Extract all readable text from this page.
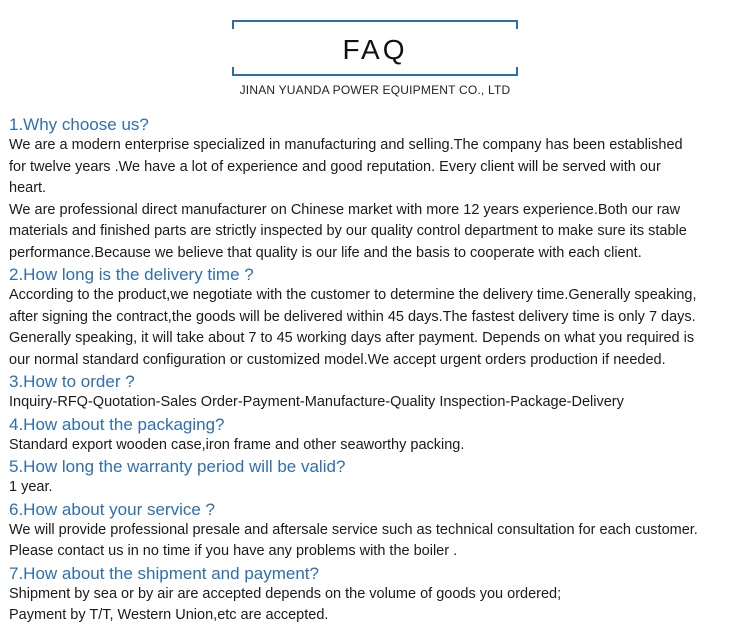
FAQ
JINAN YUANDA POWER EQUIPMENT CO., LTD
1.Why choose us?
We are a modern enterprise specialized in manufacturing and selling.The company has been established
for twelve years .We have a lot of experience and good reputation. Every client will be served with our
heart.
We are professional direct manufacturer on Chinese market with more 12 years experience.Both our raw
materials and finished parts are strictly inspected by our quality control department to make sure its stable
performance.Because we believe that quality is our life and the basis to cooperate with each client.
2.How long is the delivery time ?
According to the product,we negotiate with the customer to determine the delivery time.Generally speaking,
after signing the contract,the goods will be delivered within 45 days.The fastest delivery time is only 7 days.
Generally speaking, it will take about 7 to 45 working days after payment. Depends on what you required is
our normal standard configuration or customized model.We accept urgent orders production if needed.
3.How to order ?
Inquiry-RFQ-Quotation-Sales Order-Payment-Manufacture-Quality Inspection-Package-Delivery
4.How about the packaging?
Standard export wooden case,iron frame and other seaworthy packing.
5.How long the warranty period will be valid?
1 year.
6.How about your service ?
We will provide professional presale and aftersale service such as technical consultation for each customer.
Please contact us in no time if you have any problems with the boiler .
7.How about the shipment and payment?
Shipment by sea or by air are accepted depends on the volume of goods you ordered;
Payment by T/T, Western Union,etc are accepted.
